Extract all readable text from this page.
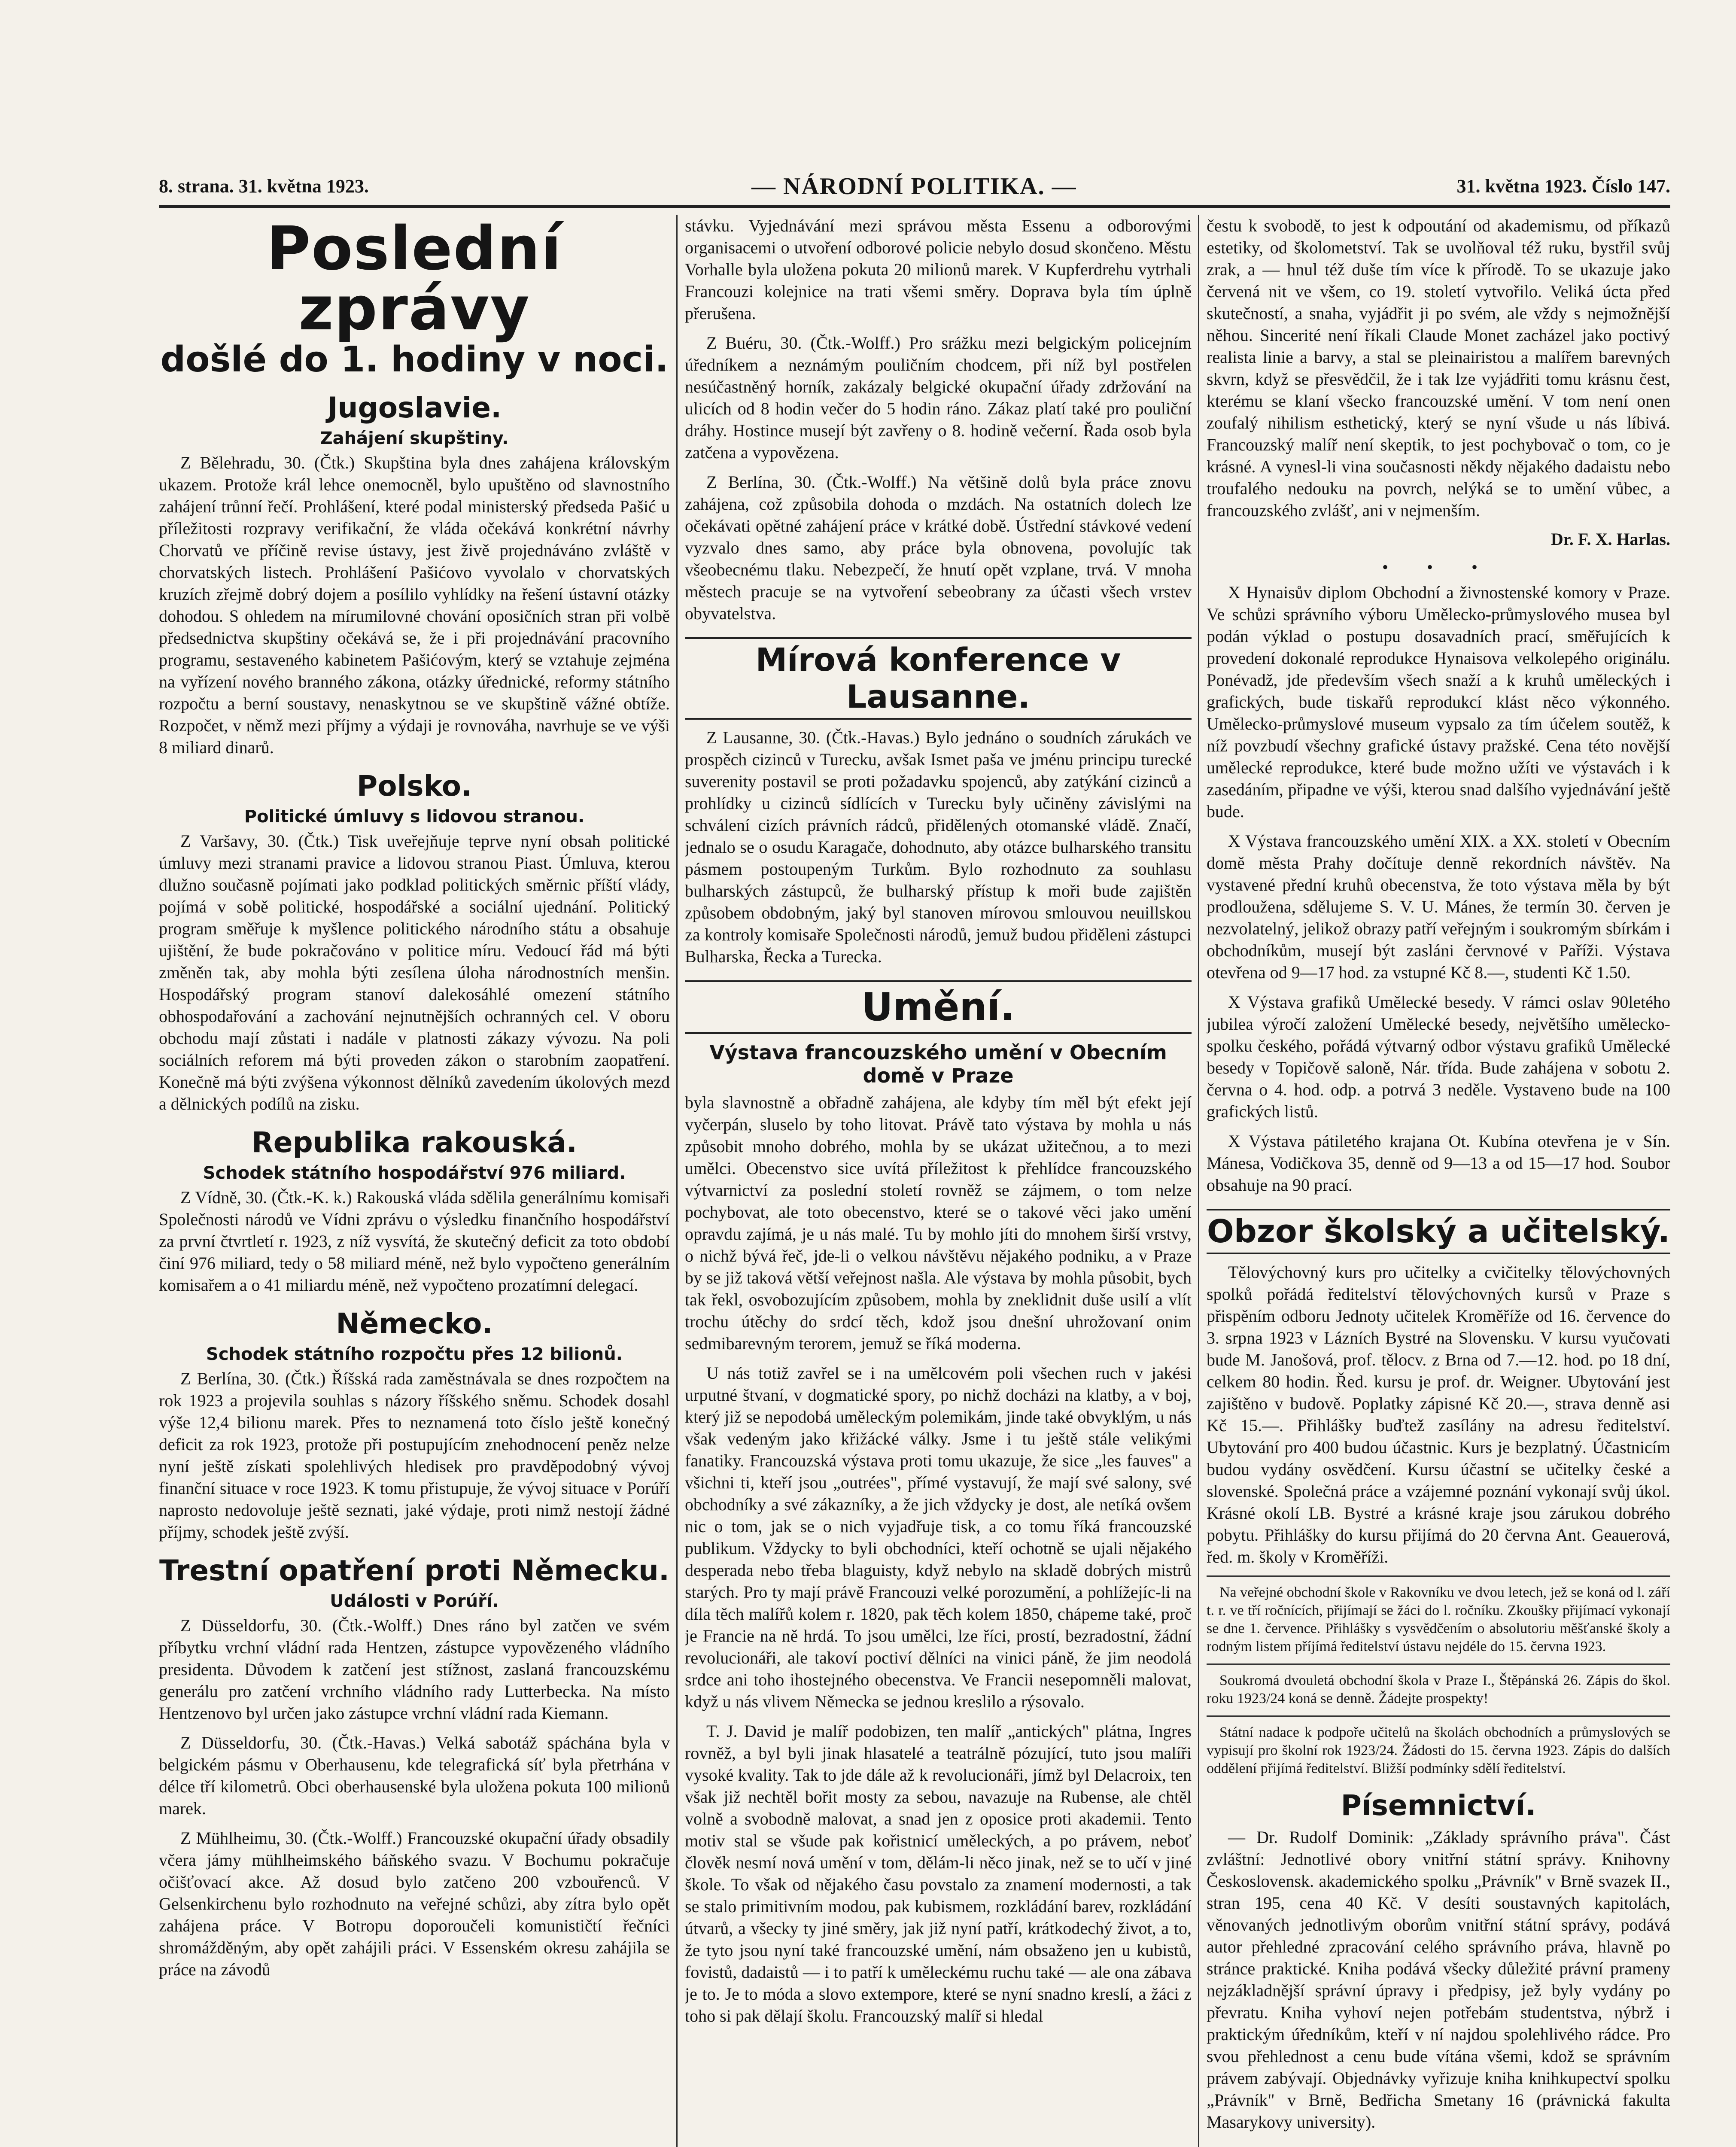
8. strana. 31. května 1923.	— NÁRODNÍ POLITIKA. —	31. května 1923. Číslo 147.
Poslední zprávy
došlé do 1. hodiny v noci.
Jugoslavie.
Zahájení skupštiny.

Z Bělehradu, 30. (Čtk.) Skupština byla dnes zahájena královským ukazem. Protože král lehce onemocněl, bylo upuštěno od slavnostního zahájení trůnní řečí. Prohlášení, které podal ministerský předseda Pašić u příležitosti rozpravy verifikační, že vláda očekává konkrétní návrhy Chorvatů ve příčině revise ústavy, jest živě projednáváno zvláště v chorvatských listech. Prohlášení Pašićovo vyvolalo v chorvatských kruzích zřejmě dobrý dojem a posílilo vyhlídky na řešení ústavní otázky dohodou. S ohledem na mírumilovné chování oposičních stran při volbě předsednictva skupštiny očekává se, že i při projednávání pracovního programu, sestaveného kabinetem Pašićovým, který se vztahuje zejména na vyřízení nového branného zákona, otázky úřednické, reformy státního rozpočtu a berní soustavy, nenaskytnou se ve skupštině vážné obtíže. Rozpočet, v němž mezi příjmy a výdaji je rovnováha, navrhuje se ve výši 8 miliard dinarů.

Polsko.
Politické úmluvy s lidovou stranou.

Z Varšavy, 30. (Čtk.) Tisk uveřejňuje teprve nyní obsah politické úmluvy mezi stranami pravice a lidovou stranou Piast. Úmluva, kterou dlužno současně pojímati jako podklad politických směrnic příští vlády, pojímá v sobě politické, hospodářské a sociální ujednání. Politický program směřuje k myšlence politického národního státu a obsahuje ujištění, že bude pokračováno v politice míru. Vedoucí řád má býti změněn tak, aby mohla býti zesílena úloha národnostních menšin. Hospodářský program stanoví dalekosáhlé omezení státního obhospodařování a zachování nejnutnějších ochranných cel. V oboru obchodu mají zůstati i nadále v platnosti zákazy vývozu. Na poli sociálních reforem má býti proveden zákon o starobním zaopatření. Konečně má býti zvýšena výkonnost dělníků zavedením úkolových mezd a dělnických podílů na zisku.

Republika rakouská.
Schodek státního hospodářství 976 miliard.

Z Vídně, 30. (Čtk.-K. k.) Rakouská vláda sdělila generálnímu komisaři Společnosti národů ve Vídni zprávu o výsledku finančního hospodářství za první čtvrtletí r. 1923, z níž vysvítá, že skutečný deficit za toto období činí 976 miliard, tedy o 58 miliard méně, než bylo vypočteno generálním komisařem a o 41 miliardu méně, než vypočteno prozatímní delegací.

Německo.
Schodek státního rozpočtu přes 12 bilionů.

Z Berlína, 30. (Čtk.) Říšská rada zaměstnávala se dnes rozpočtem na rok 1923 a projevila souhlas s názory říšského sněmu. Schodek dosahl výše 12,4 bilionu marek. Přes to neznamená toto číslo ještě konečný deficit za rok 1923, protože při postupujícím znehodnocení peněz nelze nyní ještě získati spolehlivých hledisek pro pravděpodobný vývoj finanční situace v roce 1923. K tomu přistupuje, že vývoj situace v Porúří naprosto nedovoluje ještě seznati, jaké výdaje, proti nimž nestojí žádné příjmy, schodek ještě zvýší.

Trestní opatření proti Německu.
Události v Porúří.

Z Düsseldorfu, 30. (Čtk.-Wolff.) Dnes ráno byl zatčen ve svém příbytku vrchní vládní rada Hentzen, zástupce vypovězeného vládního presidenta. Důvodem k zatčení jest stížnost, zaslaná francouzskému generálu pro zatčení vrchního vládního rady Lutterbecka. Na místo Hentzenovo byl určen jako zástupce vrchní vládní rada Kiemann.

Z Düsseldorfu, 30. (Čtk.-Havas.) Velká sabotáž spáchána byla v belgickém pásmu v Oberhausenu, kde telegrafická síť byla přetrhána v délce tří kilometrů. Obci oberhausenské byla uložena pokuta 100 milionů marek.

Z Mühlheimu, 30. (Čtk.-Wolff.) Francouzské okupační úřady obsadily včera jámy mühlheimského báňského svazu. V Bochumu pokračuje očišťovací akce. Až dosud bylo zatčeno 200 vzbouřenců. V Gelsenkirchenu bylo rozhodnuto na veřejné schůzi, aby zítra bylo opět zahájena práce. V Botropu doporoučeli komunističtí řečníci shromážděným, aby opět zahájili práci. V Essenském okresu zahájila se práce na závodů

stávku. Vyjednávání mezi správou města Essenu a odborovými organisacemi o utvoření odborové policie nebylo dosud skončeno. Městu Vorhalle byla uložena pokuta 20 milionů marek. V Kupferdrehu vytrhali Francouzi kolejnice na trati všemi směry. Doprava byla tím úplně přerušena.

Z Buéru, 30. (Čtk.-Wolff.) Pro srážku mezi belgickým policejním úředníkem a neznámým pouličním chodcem, při níž byl postřelen nesúčastněný horník, zakázaly belgické okupační úřady zdržování na ulicích od 8 hodin večer do 5 hodin ráno. Zákaz platí také pro pouliční dráhy. Hostince musejí být zavřeny o 8. hodině večerní. Řada osob byla zatčena a vypovězena.

Z Berlína, 30. (Čtk.-Wolff.) Na většině dolů byla práce znovu zahájena, což způsobila dohoda o mzdách. Na ostatních dolech lze očekávati opětné zahájení práce v krátké době. Ústřední stávkové vedení vyzvalo dnes samo, aby práce byla obnovena, povolujíc tak všeobecnému tlaku. Nebezpečí, že hnutí opět vzplane, trvá. V mnoha městech pracuje se na vytvoření sebeobrany za účasti všech vrstev obyvatelstva.

Mírová konference v Lausanne.

Z Lausanne, 30. (Čtk.-Havas.) Bylo jednáno o soudních zárukách ve prospěch cizinců v Turecku, avšak Ismet paša ve jménu principu turecké suverenity postavil se proti požadavku spojenců, aby zatýkání cizinců a prohlídky u cizinců sídlících v Turecku byly učiněny závislými na schválení cizích právních rádců, přidělených otomanské vládě. Značí, jednalo se o osudu Karagače, dohodnuto, aby otázce bulharského transitu pásmem postoupeným Turkům. Bylo rozhodnuto za souhlasu bulharských zástupců, že bulharský přístup k moři bude zajištěn způsobem obdobným, jaký byl stanoven mírovou smlouvou neuillskou za kontroly komisaře Společnosti národů, jemuž budou přiděleni zástupci Bulharska, Řecka a Turecka.

Umění.
Výstava francouzského umění v Obecním domě v Praze

byla slavnostně a obřadně zahájena, ale kdyby tím měl být efekt její vyčerpán, sluselo by toho litovat. Právě tato výstava by mohla u nás způsobit mnoho dobrého, mohla by se ukázat užitečnou, a to mezi umělci. Obecenstvo sice uvítá příležitost k přehlídce francouzského výtvarnictví za poslední století rovněž se zájmem, o tom nelze pochybovat, ale toto obecenstvo, které se o takové věci jako umění opravdu zajímá, je u nás malé. Tu by mohlo jíti do mnohem širší vrstvy, o nichž bývá řeč, jde-li o velkou návštěvu nějakého podniku, a v Praze by se již taková větší veřejnost našla. Ale výstava by mohla působit, bych tak řekl, osvobozujícím způsobem, mohla by zneklidnit duše usilí a vlít trochu útěchy do srdcí těch, kdož jsou dnešní uhrožovaní onim sedmibarevným terorem, jemuž se říká moderna.

U nás totiž zavřel se i na umělcovém poli všechen ruch v jakési urputné štvaní, v dogmatické spory, po nichž docházi na klatby, a v boj, který již se nepodobá uměleckým polemikám, jinde také obvyklým, u nás však vedeným jako křižácké války. Jsme i tu ještě stále velikými fanatiky. Francouzská výstava proti tomu ukazuje, že sice „les fauves" a všichni ti, kteří jsou „outrées", přímé vystavují, že mají své salony, své obchodníky a své zákazníky, a že jich vždycky je dost, ale netíká ovšem nic o tom, jak se o nich vyjadřuje tisk, a co tomu říká francouzské publikum. Vždycky to byli obchodníci, kteří ochotně se ujali nějakého desperada nebo třeba blaguisty, když nebylo na skladě dobrých mistrů starých. Pro ty mají právě Francouzi velké porozumění, a pohlížejíc-li na díla těch malířů kolem r. 1820, pak těch kolem 1850, chápeme také, proč je Francie na ně hrdá. To jsou umělci, lze říci, prostí, bezradostní, žádní revolucionáři, ale takoví poctiví dělníci na vinici páně, že jim neodolá srdce ani toho ihostejného obecenstva. Ve Francii nesepomněli malovat, když u nás vlivem Německa se jednou kreslilo a rýsovalo.

T. J. David je malíř podobizen, ten malíř „antických" plátna, Ingres rovněž, a byl byli jinak hlasatelé a teatrálně pózující, tuto jsou malíři vysoké kvality. Tak to jde dále až k revolucionáři, jímž byl Delacroix, ten však již nechtěl bořit mosty za sebou, navazuje na Rubense, ale chtěl volně a svobodně malovat, a snad jen z oposice proti akademii. Tento motiv stal se všude pak kořistnicí uměleckých, a po právem, neboť člověk nesmí nová umění v tom, dělám-li něco jinak, než se to učí v jiné škole. To však od nějakého času povstalo za znamení modernosti, a tak se stalo primitivním modou, pak kubismem, rozkládání barev, rozkládání útvarů, a všecky ty jiné směry, jak již nyní patří, krátkodechý život, a to, že tyto jsou nyní také francouzské umění, nám obsaženo jen u kubistů, fovistů, dadaistů — i to patří k uměleckému ruchu také — ale ona zábava je to. Je to móda a slovo extempore, které se nyní snadno kreslí, a žáci z toho si pak dělají školu. Francouzský malíř si hledal

čestu k svobodě, to jest k odpoutání od akademismu, od příkazů estetiky, od školometství. Tak se uvolňoval též ruku, bystřil svůj zrak, a — hnul též duše tím více k přírodě. To se ukazuje jako červená nit ve všem, co 19. století vytvořilo. Veliká úcta před skutečností, a snaha, vyjádřit ji po svém, ale vždy s nejmožnější něhou. Sincerité není říkali Claude Monet zacházel jako poctivý realista linie a barvy, a stal se pleinairistou a malířem barevných skvrn, když se přesvědčil, že i tak lze vyjádřiti tomu krásnu čest, kterému se klaní všecko francouzské umění. V tom není onen zoufalý nihilism esthetický, který se nyní všude u nás líbivá. Francouzský malíř není skeptik, to jest pochybovač o tom, co je krásné. A vynesl-li vina současnosti někdy nějakého dadaistu nebo troufalého nedouku na povrch, nelýká se to umění vůbec, a francouzského zvlášť, ani v nejmenším.

Dr. F. X. Harlas.
• • •

X Hynaisův diplom Obchodní a živnostenské komory v Praze. Ve schůzi správního výboru Umělecko-průmyslového musea byl podán výklad o postupu dosavadních prací, směřujících k provedení dokonalé reprodukce Hynaisova velkolepého originálu. Ponévadž, jde především všech snaží a k kruhů uměleckých i grafických, bude tiskařů reprodukcí klást něco výkonného. Umělecko-průmyslové museum vypsalo za tím účelem soutěž, k níž povzbudí všechny grafické ústavy pražské. Cena této novější umělecké reprodukce, které bude možno užíti ve výstavách i k zasedáním, připadne ve výši, kterou snad dalšího vyjednávání ještě bude.

X Výstava francouzského umění XIX. a XX. století v Obecním domě města Prahy dočítuje denně rekordních návštěv. Na vystavené přední kruhů obecenstva, že toto výstava měla by být prodloužena, sdělujeme S. V. U. Mánes, že termín 30. červen je nezvolatelný, jelikož obrazy patří veřejným i soukromým sbírkám i obchodníkům, musejí být zasláni červnové v Paříži. Výstava otevřena od 9—17 hod. za vstupné Kč 8.—, studenti Kč 1.50.

X Výstava grafiků Umělecké besedy. V rámci oslav 90letého jubilea výročí založení Umělecké besedy, největšího umělecko-spolku českého, pořádá výtvarný odbor výstavu grafiků Umělecké besedy v Topičově saloně, Nár. třída. Bude zahájena v sobotu 2. června o 4. hod. odp. a potrvá 3 neděle. Vystaveno bude na 100 grafických listů.

X Výstava pátiletého krajana Ot. Kubína otevřena je v Sín. Mánesa, Vodičkova 35, denně od 9—13 a od 15—17 hod. Soubor obsahuje na 90 prací.

Obzor školský a učitelský.

Tělovýchovný kurs pro učitelky a cvičitelky tělovýchovných spolků pořádá ředitelství tělovýchovných kursů v Praze s přispěním odboru Jednoty učitelek Kroměříže od 16. července do 3. srpna 1923 v Lázních Bystré na Slovensku. V kursu vyučovati bude M. Janošová, prof. tělocv. z Brna od 7.—12. hod. po 18 dní, celkem 80 hodin. Řed. kursu je prof. dr. Weigner. Ubytování jest zajištěno v budově. Poplatky zápisné Kč 20.—, strava denně asi Kč 15.—. Přihlášky buďtež zasílány na adresu ředitelství. Ubytování pro 400 budou účastnic. Kurs je bezplatný. Účastnicím budou vydány osvědčení. Kursu účastní se učitelky české a slovenské. Společná práce a vzájemné poznání vykonají svůj úkol. Krásné okolí LB. Bystré a krásné kraje jsou zárukou dobrého pobytu. Přihlášky do kursu přijímá do 20 června Ant. Geauerová, řed. m. školy v Kroměříži.

Na veřejné obchodní škole v Rakovníku ve dvou letech, jež se koná od l. září t. r. ve tří ročnících, přijímají se žáci do l. ročníku. Zkoušky přijímací vykonají se dne 1. července. Přihlášky s vysvědčením o absolutoriu měšťanské školy a rodným listem příjímá ředitelství ústavu nejdéle do 15. června 1923.

Soukromá dvouletá obchodní škola v Praze I., Štěpánská 26. Zápis do škol. roku 1923/24 koná se denně. Žádejte prospekty!

Státní nadace k podpoře učitelů na školách obchodních a průmyslových se vypisují pro školní rok 1923/24. Žádosti do 15. června 1923. Zápis do dalších oddělení přijímá ředitelství. Bližší podmínky sdělí ředitelství.

Písemnictví.

— Dr. Rudolf Dominik: „Základy správního práva". Část zvláštní: Jednotlivé obory vnitřní státní správy. Knihovny Československ. akademického spolku „Právník" v Brně svazek II., stran 195, cena 40 Kč. V desíti soustavných kapitolách, věnovaných jednotlivým oborům vnitřní státní správy, podává autor přehledné zpracování celého správního práva, hlavně po stránce praktické. Kniha podává všecky důležité právní prameny nejzákladnější správní úpravy i předpisy, jež byly vydány po převratu. Kniha vyhoví nejen potřebám studentstva, nýbrž i praktickým úředníkům, kteří v ní najdou spolehlivého rádce. Pro svou přehlednost a cenu bude vítána všemi, kdož se správním právem zabývají. Objednávky vyřizuje kniha knihkupectví spolku „Právník" v Brně, Bedřicha Smetany 16 (právnická fakulta Masarykovy university).
